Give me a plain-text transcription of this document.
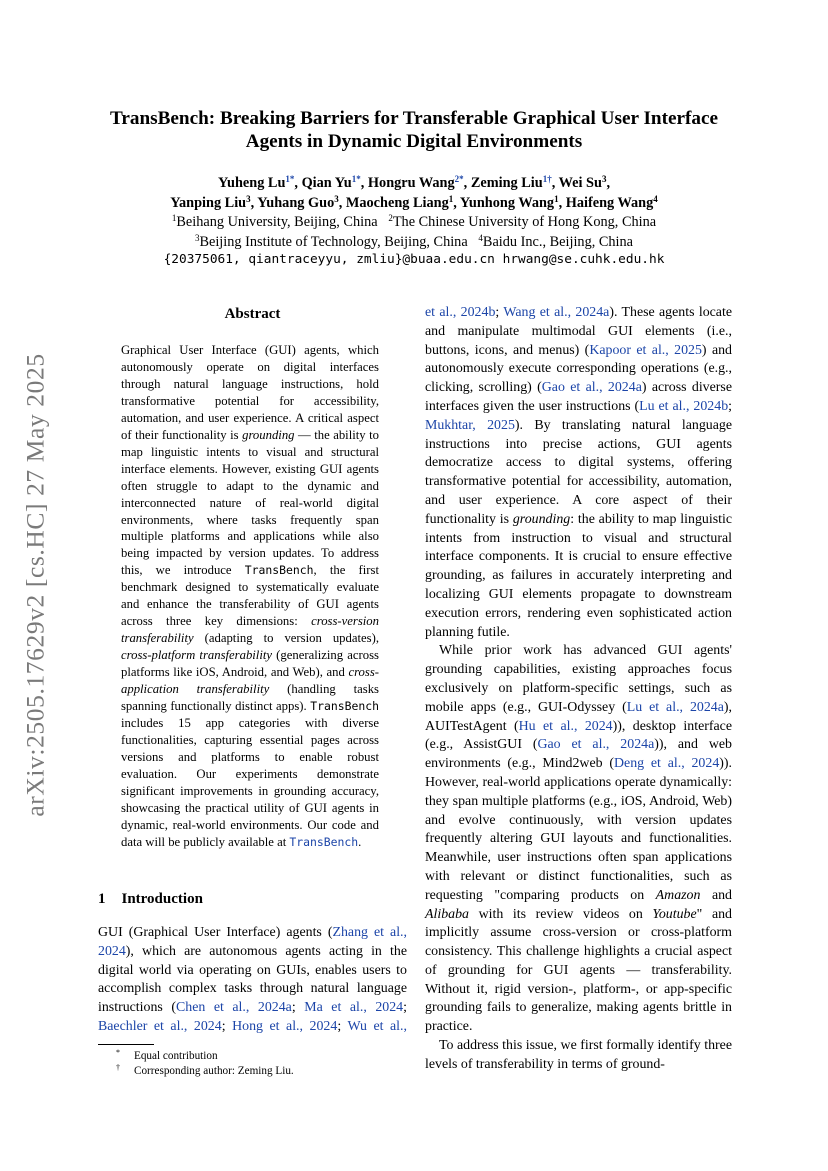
arXiv:2505.17629v2 [cs.HC] 27 May 2025
TransBench: Breaking Barriers for Transferable Graphical User Interface
Agents in Dynamic Digital Environments
Yuheng $Lu^{1*}$, Qian $Yu^{1*}$, Hongru Wang$^{2*}$, Zeming Liu$^{1\dagger}$, Wei Su$^3$,
Yanping Liu$^3$, Yuhang Guo$^3$, Maocheng Liang$^1$, Yunhong Wang$^1$, Haifeng Wang$^4$
$^1$Beihang University, Beijing, China $^2$The Chinese University of Hong Kong, China
$^3$Beijing Institute of Technology, Beijing, China $^4$Baidu Inc., Beijing, China
{20375061, qiantraceyyu, zmliu}@buaa.edu.cn hrwang@se.cuhk.edu.hk
Abstract
Graphical User Interface (GUI) agents, which autonomously operate on digital interfaces through natural language instructions, hold transformative potential for accessibility, automation, and user experience. A critical aspect of their functionality is grounding — the ability to map linguistic intents to visual and structural interface elements. However, existing GUI agents often struggle to adapt to the dynamic and interconnected nature of real-world digital environments, where tasks frequently span multiple platforms and applications while also being impacted by version updates. To address this, we introduce TransBench, the first benchmark designed to systematically evaluate and enhance the transferability of GUI agents across three key dimensions: cross-version transferability (adapting to version updates), cross-platform transferability (generalizing across platforms like iOS, Android, and Web), and cross-application transferability (handling tasks spanning functionally distinct apps). TransBench includes 15 app categories with diverse functionalities, capturing essential pages across versions and platforms to enable robust evaluation. Our experiments demonstrate significant improvements in grounding accuracy, showcasing the practical utility of GUI agents in dynamic, real-world environments. Our code and data will be publicly available at TransBench.
1 Introduction
GUI (Graphical User Interface) agents (Zhang et al., 2024), which are autonomous agents acting in the digital world via operating on GUIs, enables users to accomplish complex tasks through natural language instructions (Chen et al., 2024a; Ma et al., 2024; Baechler et al., 2024; Hong et al., 2024; Wu et al.,

et al., 2024b; Wang et al., 2024a). These agents locate and manipulate multimodal GUI elements (i.e., buttons, icons, and menus) (Kapoor et al., 2025) and autonomously execute corresponding operations (e.g., clicking, scrolling) (Gao et al., 2024a) across diverse interfaces given the user instructions (Lu et al., 2024b; Mukhtar, 2025). By translating natural language instructions into precise actions, GUI agents democratize access to digital systems, offering transformative potential for accessibility, automation, and user experience. A core aspect of their functionality is grounding: the ability to map linguistic intents from instruction to visual and structural interface components. It is crucial to ensure effective grounding, as failures in accurately interpreting and localizing GUI elements propagate to downstream execution errors, rendering even sophisticated action planning futile.

While prior work has advanced GUI agents' grounding capabilities, existing approaches focus exclusively on platform-specific settings, such as mobile apps (e.g., GUI-Odyssey (Lu et al., 2024a), AUITestAgent (Hu et al., 2024)), desktop interface (e.g., AssistGUI (Gao et al., 2024a)), and web environments (e.g., Mind2web (Deng et al., 2024)). However, real-world applications operate dynamically: they span multiple platforms (e.g., iOS, Android, Web) and evolve continuously, with version updates frequently altering GUI layouts and functionalities. Meanwhile, user instructions often span applications with relevant or distinct functionalities, such as requesting "comparing products on Amazon and Alibaba with its review videos on Youtube" and implicitly assume cross-version or cross-platform consistency. This challenge highlights a crucial aspect of grounding for GUI agents — transferability. Without it, rigid version-, platform-, or app-specific grounding fails to generalize, making agents brittle in practice.

To address this issue, we first formally identify three levels of transferability in terms of ground-

* Equal contribution
† Corresponding author: Zeming Liu.
